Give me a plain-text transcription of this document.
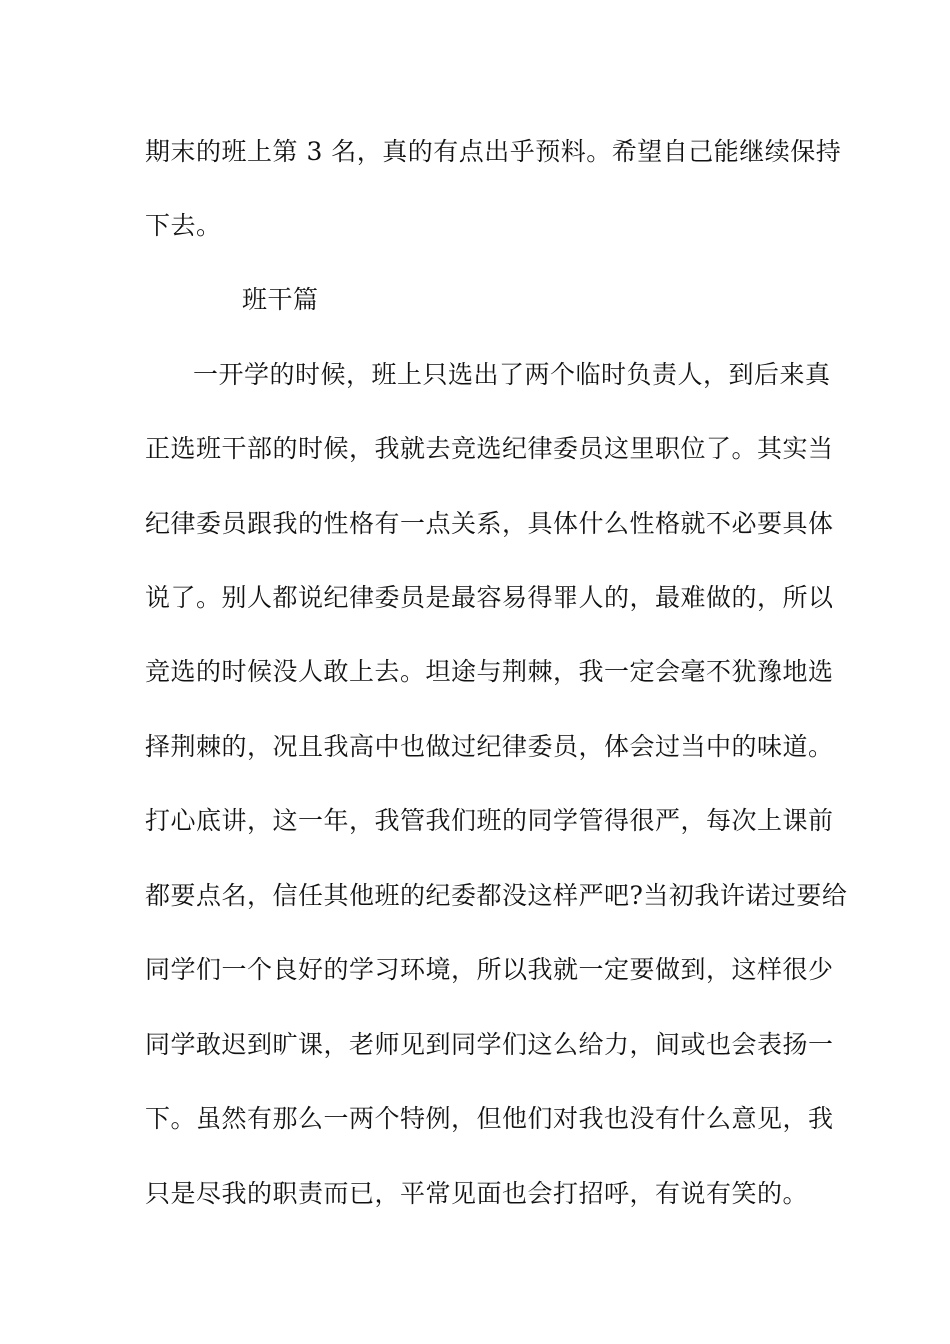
期末的班上第 3 名，真的有点出乎预料。希望自己能继续保持
下去。
班干篇
一开学的时候，班上只选出了两个临时负责人，到后来真
正选班干部的时候，我就去竞选纪律委员这里职位了。其实当
纪律委员跟我的性格有一点关系，具体什么性格就不必要具体
说了。别人都说纪律委员是最容易得罪人的，最难做的，所以
竞选的时候没人敢上去。坦途与荆棘，我一定会毫不犹豫地选
择荆棘的，况且我高中也做过纪律委员，体会过当中的味道。
打心底讲，这一年，我管我们班的同学管得很严，每次上课前
都要点名，信任其他班的纪委都没这样严吧?当初我许诺过要给
同学们一个良好的学习环境，所以我就一定要做到，这样很少
同学敢迟到旷课，老师见到同学们这么给力，间或也会表扬一
下。虽然有那么一两个特例，但他们对我也没有什么意见，我
只是尽我的职责而已，平常见面也会打招呼，有说有笑的。
